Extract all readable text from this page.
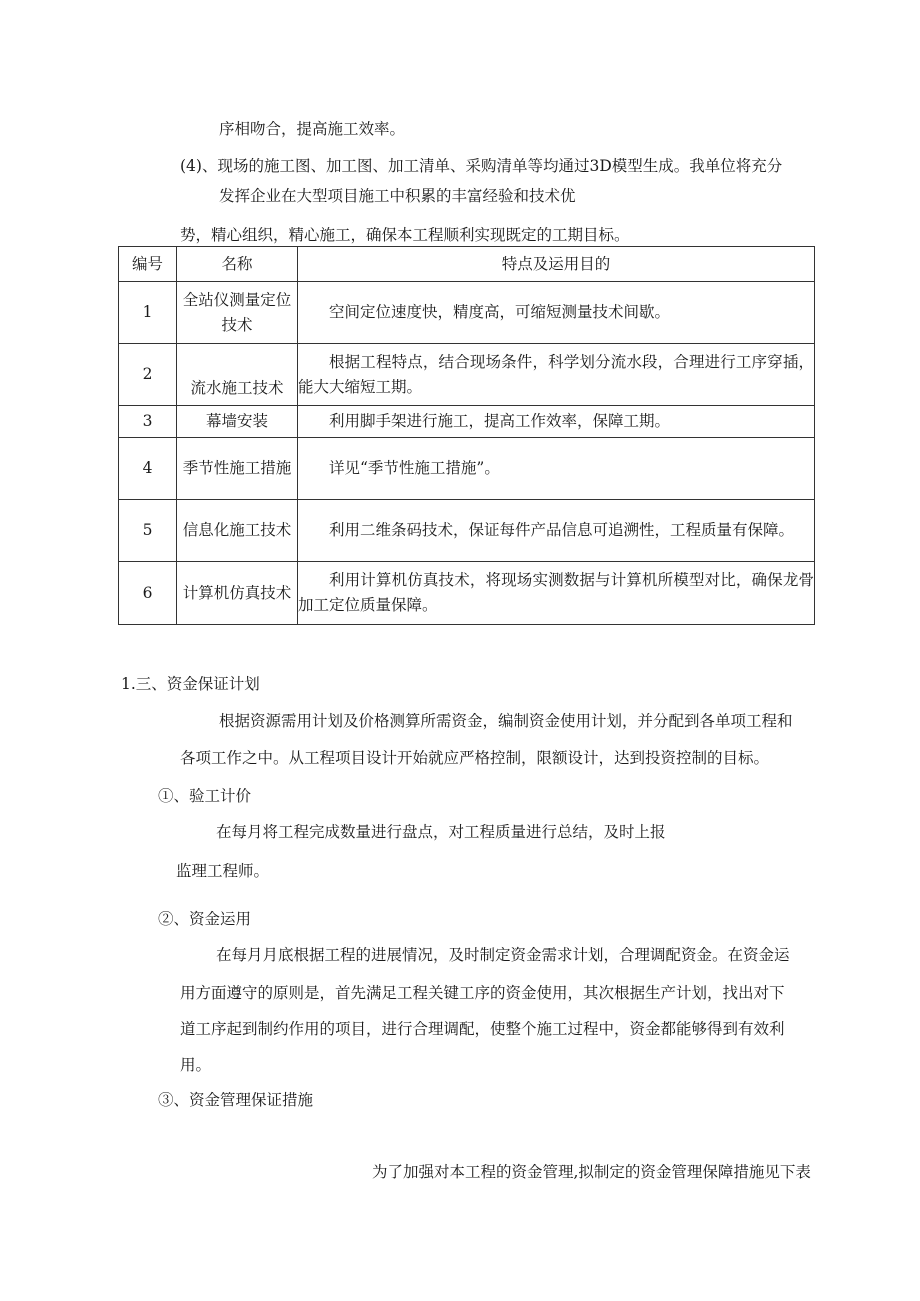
序相吻合，提高施工效率。
(4)、现场的施工图、加工图、加工清单、采购清单等均通过3D模型生成。我单位将充分
发挥企业在大型项目施工中积累的丰富经验和技术优
势，精心组织，精心施工，确保本工程顺利实现既定的工期目标。
编号	名称	特点及运用目的
1	全站仪测量定位技术	空间定位速度快，精度高，可缩短测量技术间歇。
2	流水施工技术	根据工程特点，结合现场条件，科学划分流水段，合理进行工序穿插，能大大缩短工期。
3	幕墙安装	利用脚手架进行施工，提高工作效率，保障工期。
4	季节性施工措施	详见“季节性施工措施”。
5	信息化施工技术	利用二维条码技术，保证每件产品信息可追溯性，工程质量有保障。
6	计算机仿真技术	利用计算机仿真技术，将现场实测数据与计算机所模型对比，确保龙骨加工定位质量保障。
1.三、资金保证计划
根据资源需用计划及价格测算所需资金，编制资金使用计划，并分配到各单项工程和
各项工作之中。从工程项目设计开始就应严格控制，限额设计，达到投资控制的目标。
①、验工计价
在每月将工程完成数量进行盘点，对工程质量进行总结，及时上报
监理工程师。
②、资金运用
在每月月底根据工程的进展情况，及时制定资金需求计划，合理调配资金。在资金运
用方面遵守的原则是，首先满足工程关键工序的资金使用，其次根据生产计划，找出对下
道工序起到制约作用的项目，进行合理调配，使整个施工过程中，资金都能够得到有效利
用。
③、资金管理保证措施
为了加强对本工程的资金管理,拟制定的资金管理保障措施见下表
